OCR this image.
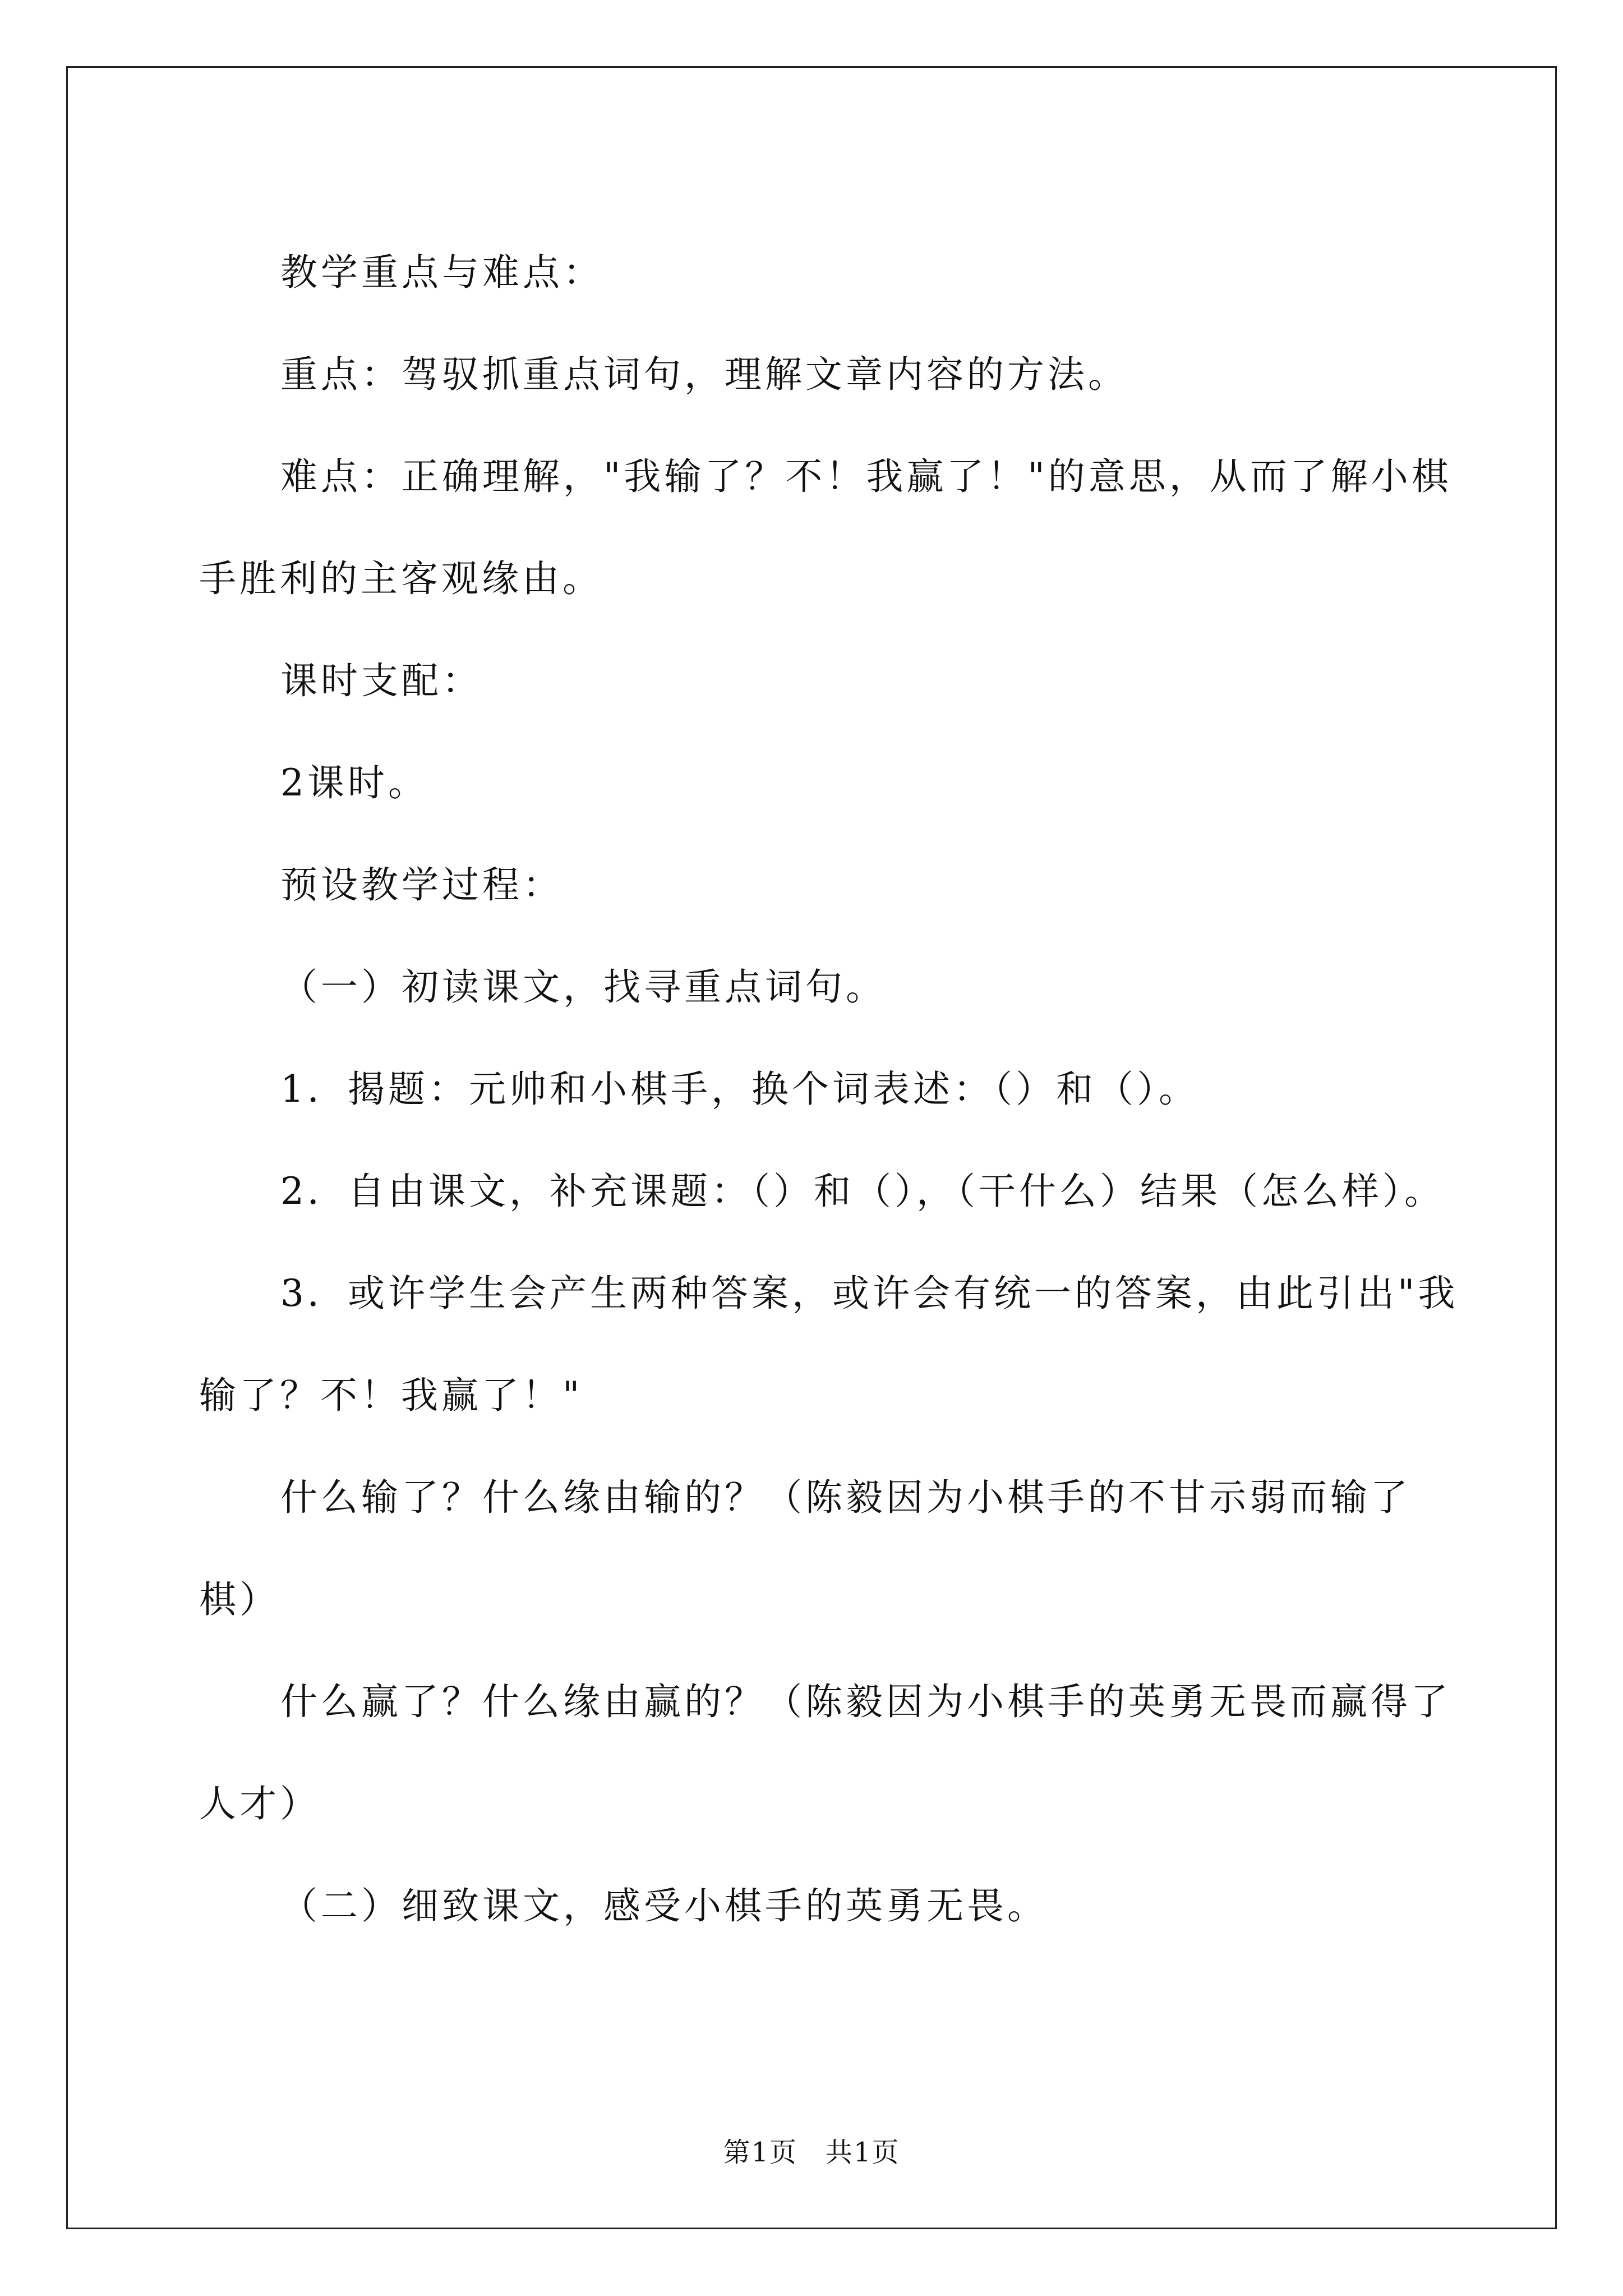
教学重点与难点：

重点：驾驭抓重点词句，理解文章内容的方法。

难点：正确理解，"我输了？不！我赢了！"的意思，从而了解小棋手胜利的主客观缘由。

课时支配：

2课时。

预设教学过程：

（一）初读课文，找寻重点词句。

1．揭题：元帅和小棋手，换个词表述：（）和（）。

2．自由课文，补充课题：（）和（），（干什么）结果（怎么样）。

3．或许学生会产生两种答案，或许会有统一的答案，由此引出"我输了？不！我赢了！"

什么输了？什么缘由输的？（陈毅因为小棋手的不甘示弱而输了棋）

什么赢了？什么缘由赢的？（陈毅因为小棋手的英勇无畏而赢得了人才）

（二）细致课文，感受小棋手的英勇无畏。

第1页　共1页
